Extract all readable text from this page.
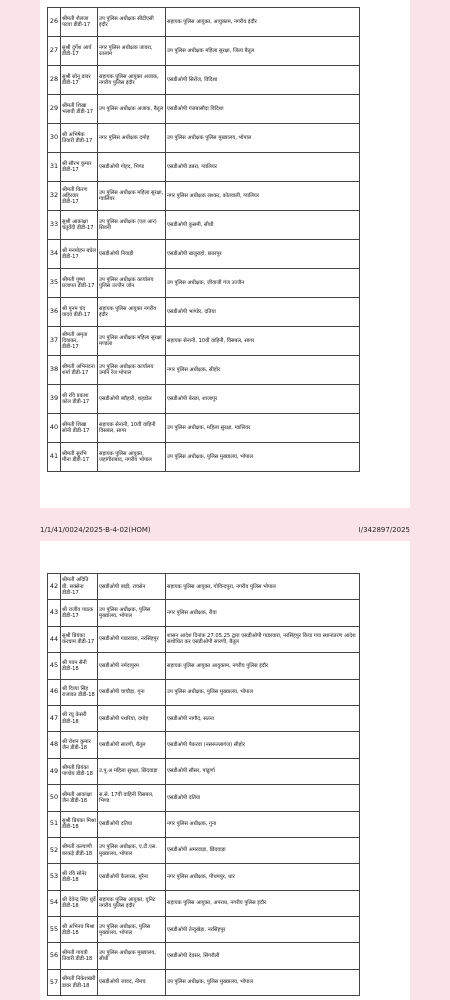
1/1/41/0024/2025-B-4-02(HOM)	I/342897/2025
26	श्रीमती शैलजा पटवा डीडी-17	उप पुलिस अधीक्षक सीटीएसी इंदौर	सहायक पुलिस आयुक्त, आयुक्तम, नगरीय इंदौर
27	सुश्री दुर्गेश आर्य डीडी-17	नगर पुलिस अधीक्षक जावरा, रतलाम	उप पुलिस अधीक्षक महिला सुरक्षा, जिला बैतूल
28	सुश्री सोनू डावर डीडी-17	सहायक पुलिस आयुक्त अजाक, नगरीय पुलिस इंदौर	एसडीओपी सिरोंज, विदिशा
29	श्रीमती शिखा भलावी डीडी-17	उप पुलिस अधीक्षक अजाक, बैतूल	एसडीओपी गंजबासौदा विदिशा
30	श्री अभिषेक तिवारी डीडी-17	नगर पुलिस अधीक्षक दमोह	उप पुलिस अधीक्षक पुलिस मुख्यालय, भोपाल
31	श्री सौरभ कुमार डीडी-17	एसडीओपी गोहद, भिण्ड	एसडीओपी डबरा, ग्वालियर
32	श्रीमती किरण अहिरवार डीडी-17	उप पुलिस अधीक्षक महिला सुरक्षा, ग्वालियर	नगर पुलिस अधीक्षक लश्कर, कोतवाली, ग्वालियर
33	सुश्री आकांक्षा चतुर्वेदी डीडी-17	उप पुलिस अधीक्षक (एल आर) सिवनी	एसडीओपी कुसमी, सीधी
34	श्री मनमोहन बघेल डीडी-17	एसडीओपी निवाड़ी	एसडीओपी खजुराहो, छतरपुर
35	श्रीमती पुष्पा प्रजापत डीडी-17	उप पुलिस अधीक्षक कार्यालय पुलिस उज्जैन जोन	उप पुलिस अधीक्षक, जीवाजी गंज उज्जैन
36	श्री पूनम चंद यादव डीडी-17	सहायक पुलिस आयुक्त नगरीय इंदौर	एसडीओपी भाण्डेर, दतिया
37	श्रीमती अमृता दिवाकर, डीडी-17	उप पुलिस अधीक्षक महिला सुरक्षा मण्डला	सहायक सेनानी, 10वीं वाहिनी, विसबल, सागर
38	श्रीमती अभिनंदना शर्मा डीडी-17	उप पुलिस अधीक्षक कार्यालय उमनि रेंज भोपाल	नगर पुलिस अधीक्षक, सीहोर
39	श्री रवि प्रकाश कोल डीडी-17	एसडीओपी ब्यौहारी, शहडोल	एसडीओपी बेरछा, शाजापुर
40	श्रीमती शिखा सोनी डीडी-17	सहायक सेनानी, 10वीं वाहिनी विसबल, सागर	उप पुलिस अधीक्षक, महिला सुरक्षा, ग्वालियर
41	श्रीमती सुरभि मीना डीडी-17	सहायक पुलिस आयुक्त, जहांगीराबाद, नगरीय भोपाल	उप पुलिस अधीक्षक, पुलिस मुख्यालय, भोपाल
42	श्रीमती अदिति बी. सक्सेना डीडी-17	एसडीओपी बाड़ी, रायसेन	सहायक पुलिस आयुक्त, गोविन्दपुरा, नगरीय पुलिस भोपाल
43	श्री राजीव पाठक डीडी-17	उप पुलिस अधीक्षक, पुलिस मुख्यालय, भोपाल	नगर पुलिस अधीक्षक, रीवा
44	सुश्री प्रियंका करचाम डीडी-17	एसडीओपी गाडरवारा, नरसिंहपुर	शासन आदेश दिनांक 27.05.25 द्वारा एसडीओपी गाडरवारा, नरसिंहपुर किया गया स्थानांतरण आदेश संशोधित कर एसडीओपी सारणी, बैतूल
45	श्री पवन सैनी डीडी-18	एसडीओपी नर्मदापुरम	सहायक पुलिस आयुक्त आयुक्तम, नगरीय पुलिस इंदौर
46	श्री दिव्या सिंह राजावत डीडी-18	एसडीओपी चाचौड़ा, गुना	उप पुलिस अधीक्षक, पुलिस मुख्यालय, भोपाल
47	श्री रघु केसरी डीडी-18	एसडीओपी पथरिया, दमोह	एसडीओपी नागौद, सतना
48	श्री रोशन कुमार जैन डीडी-18	एसडीओपी सारणी, बैतूल	एसडीओपी पैकरवा (नसरूल्लागंज) सीहोर
49	श्रीमती प्रियंका पाण्डेय डीडी-18	उ.पु.अ महिला सुरक्षा, छिंदवाड़ा	एसडीओपी सौसर, पांढुर्णा
50	श्रीमती आकांक्षा जैन डीडी-18	स.से. 17वीं वाहिनी विसबल, भिण्ड	एसडीओपी दतिया
51	सुश्री प्रियंका मिश्रा डीडी-18	एसडीओपी दतिया	नगर पुलिस अधीक्षक, गुना
52	श्रीमती कल्याणी बरकड़े डीडी-18	उप पुलिस अधीक्षक, ए.टी.एस. मुख्यालय, भोपाल	एसडीओपी अमरवाड़ा, छिंदवाड़ा
53	श्री रवि सोनेर डीडी-18	एसडीओपी कैलारस, मुरैना	नगर पुलिस अधीक्षक, पीथमपुर, धार
54	श्री देवेन्द्र सिंह धुर्वे डीडी-18	सहायक पुलिस आयुक्त, यूनिट नगरीय पुलिस इंदौर	सहायक पुलिस आयुक्त, अपराध, नगरीय पुलिस इंदौर
55	श्री अभिनव मिश्रा डीडी-18	उप पुलिस अधीक्षक, पुलिस मुख्यालय, भोपाल	एसडीओपी तेन्दूखेड़ा, नरसिंहपुर
56	श्रीमती गायत्री तिवारी डीडी-18	उप पुलिस अधीक्षक मुख्यालय, सीधी	एसडीओपी देवसर, सिंगरौली
57	श्रीमती निकेशखरी डावर डीडी-18	एसडीओपी जावद, नीमच	उप पुलिस अधीक्षक, पुलिस मुख्यालय, भोपाल
